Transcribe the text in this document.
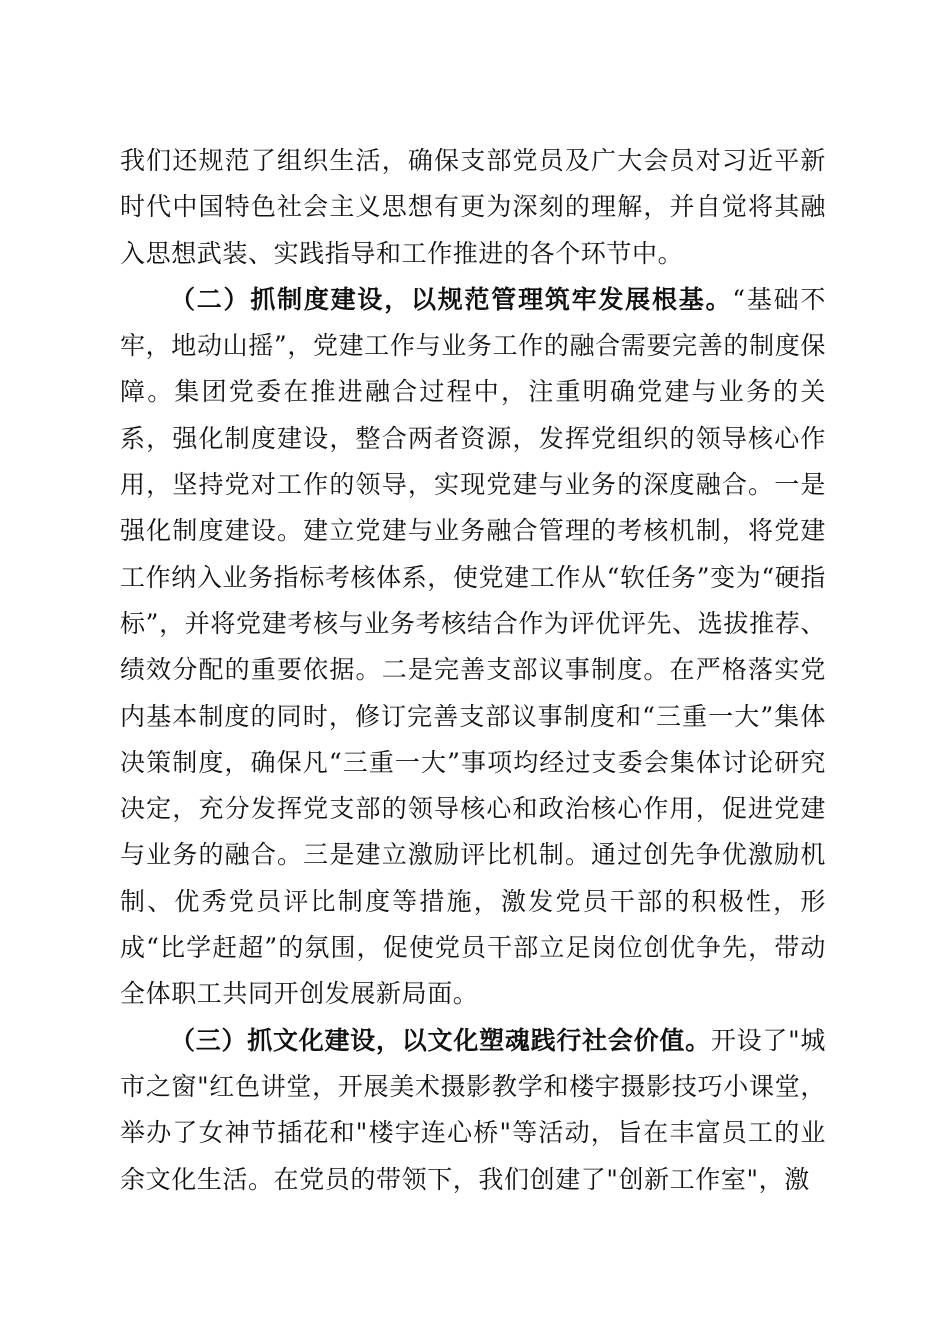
我们还规范了组织生活，确保支部党员及广大会员对习近平新时代中国特色社会主义思想有更为深刻的理解，并自觉将其融入思想武装、实践指导和工作推进的各个环节中。

（二）抓制度建设，以规范管理筑牢发展根基。“基础不牢，地动山摇”，党建工作与业务工作的融合需要完善的制度保障。集团党委在推进融合过程中，注重明确党建与业务的关系，强化制度建设，整合两者资源，发挥党组织的领导核心作用，坚持党对工作的领导，实现党建与业务的深度融合。一是强化制度建设。建立党建与业务融合管理的考核机制，将党建工作纳入业务指标考核体系，使党建工作从“软任务”变为“硬指标”，并将党建考核与业务考核结合作为评优评先、选拔推荐、绩效分配的重要依据。二是完善支部议事制度。在严格落实党内基本制度的同时，修订完善支部议事制度和“三重一大”集体决策制度，确保凡“三重一大”事项均经过支委会集体讨论研究决定，充分发挥党支部的领导核心和政治核心作用，促进党建与业务的融合。三是建立激励评比机制。通过创先争优激励机制、优秀党员评比制度等措施，激发党员干部的积极性，形成“比学赶超”的氛围，促使党员干部立足岗位创优争先，带动全体职工共同开创发展新局面。

（三）抓文化建设，以文化塑魂践行社会价值。开设了"城市之窗"红色讲堂，开展美术摄影教学和楼宇摄影技巧小课堂，举办了女神节插花和"楼宇连心桥"等活动，旨在丰富员工的业余文化生活。在党员的带领下，我们创建了"创新工作室"，激
